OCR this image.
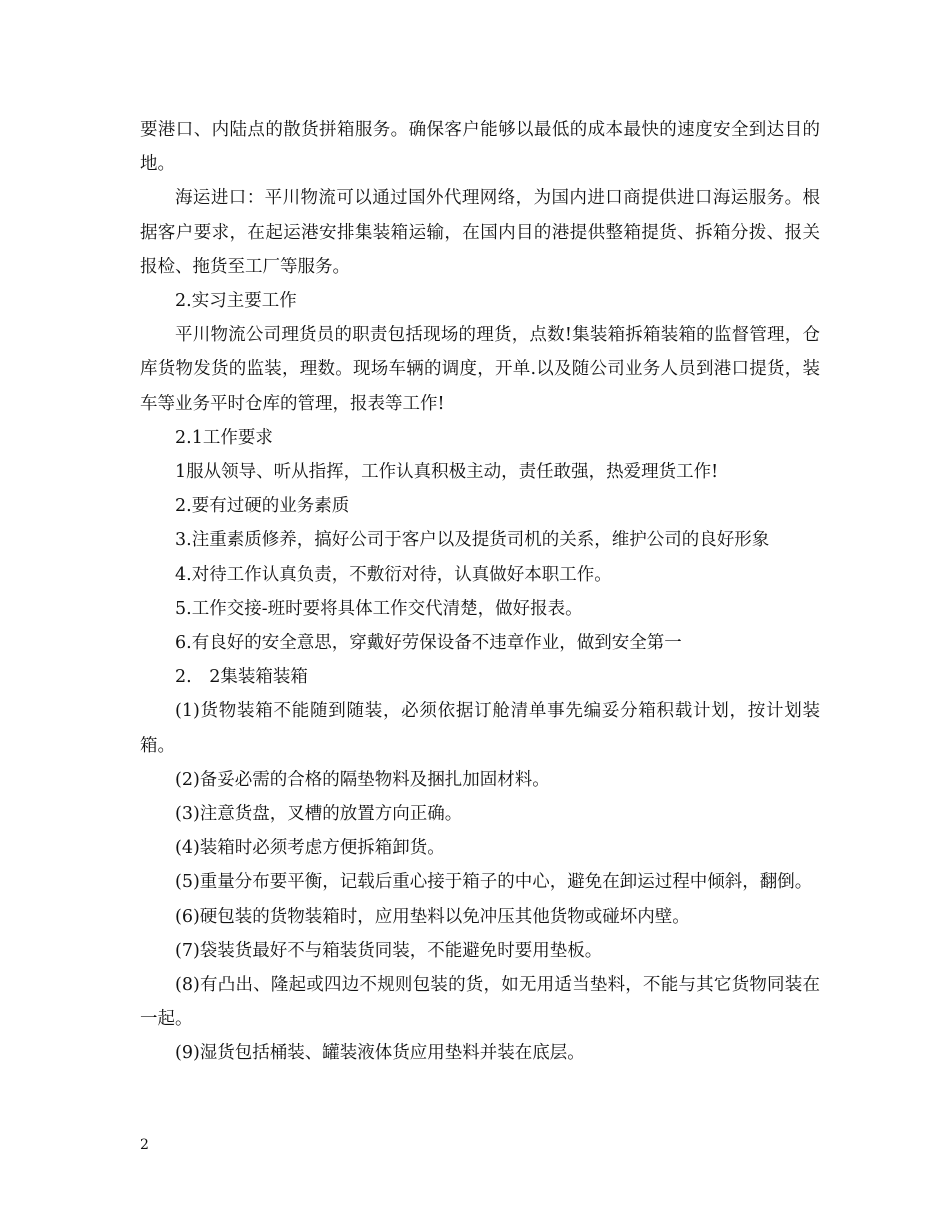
要港口、内陆点的散货拼箱服务。确保客户能够以最低的成本最快的速度安全到达目的地。

海运进口：平川物流可以通过国外代理网络，为国内进口商提供进口海运服务。根据客户要求，在起运港安排集装箱运输，在国内目的港提供整箱提货、拆箱分拨、报关报检、拖货至工厂等服务。

2.实习主要工作

平川物流公司理货员的职责包括现场的理货，点数!集装箱拆箱装箱的监督管理，仓库货物发货的监装，理数。现场车辆的调度，开单.以及随公司业务人员到港口提货，装车等业务平时仓库的管理，报表等工作!

2.1工作要求

1服从领导、听从指挥，工作认真积极主动，责任敢强，热爱理货工作!

2.要有过硬的业务素质

3.注重素质修养，搞好公司于客户以及提货司机的关系，维护公司的良好形象

4.对待工作认真负责，不敷衍对待，认真做好本职工作。

5.工作交接-班时要将具体工作交代清楚，做好报表。

6.有良好的安全意思，穿戴好劳保设备不违章作业，做到安全第一

2.　2集装箱装箱

(1)货物装箱不能随到随装，必须依据订舱清单事先编妥分箱积载计划，按计划装箱。

(2)备妥必需的合格的隔垫物料及捆扎加固材料。

(3)注意货盘，叉槽的放置方向正确。

(4)装箱时必须考虑方便拆箱卸货。

(5)重量分布要平衡，记载后重心接于箱子的中心，避免在卸运过程中倾斜，翻倒。

(6)硬包装的货物装箱时，应用垫料以免冲压其他货物或碰坏内壁。

(7)袋装货最好不与箱装货同装，不能避免时要用垫板。

(8)有凸出、隆起或四边不规则包装的货，如无用适当垫料，不能与其它货物同装在一起。

(9)湿货包括桶装、罐装液体货应用垫料并装在底层。

2
